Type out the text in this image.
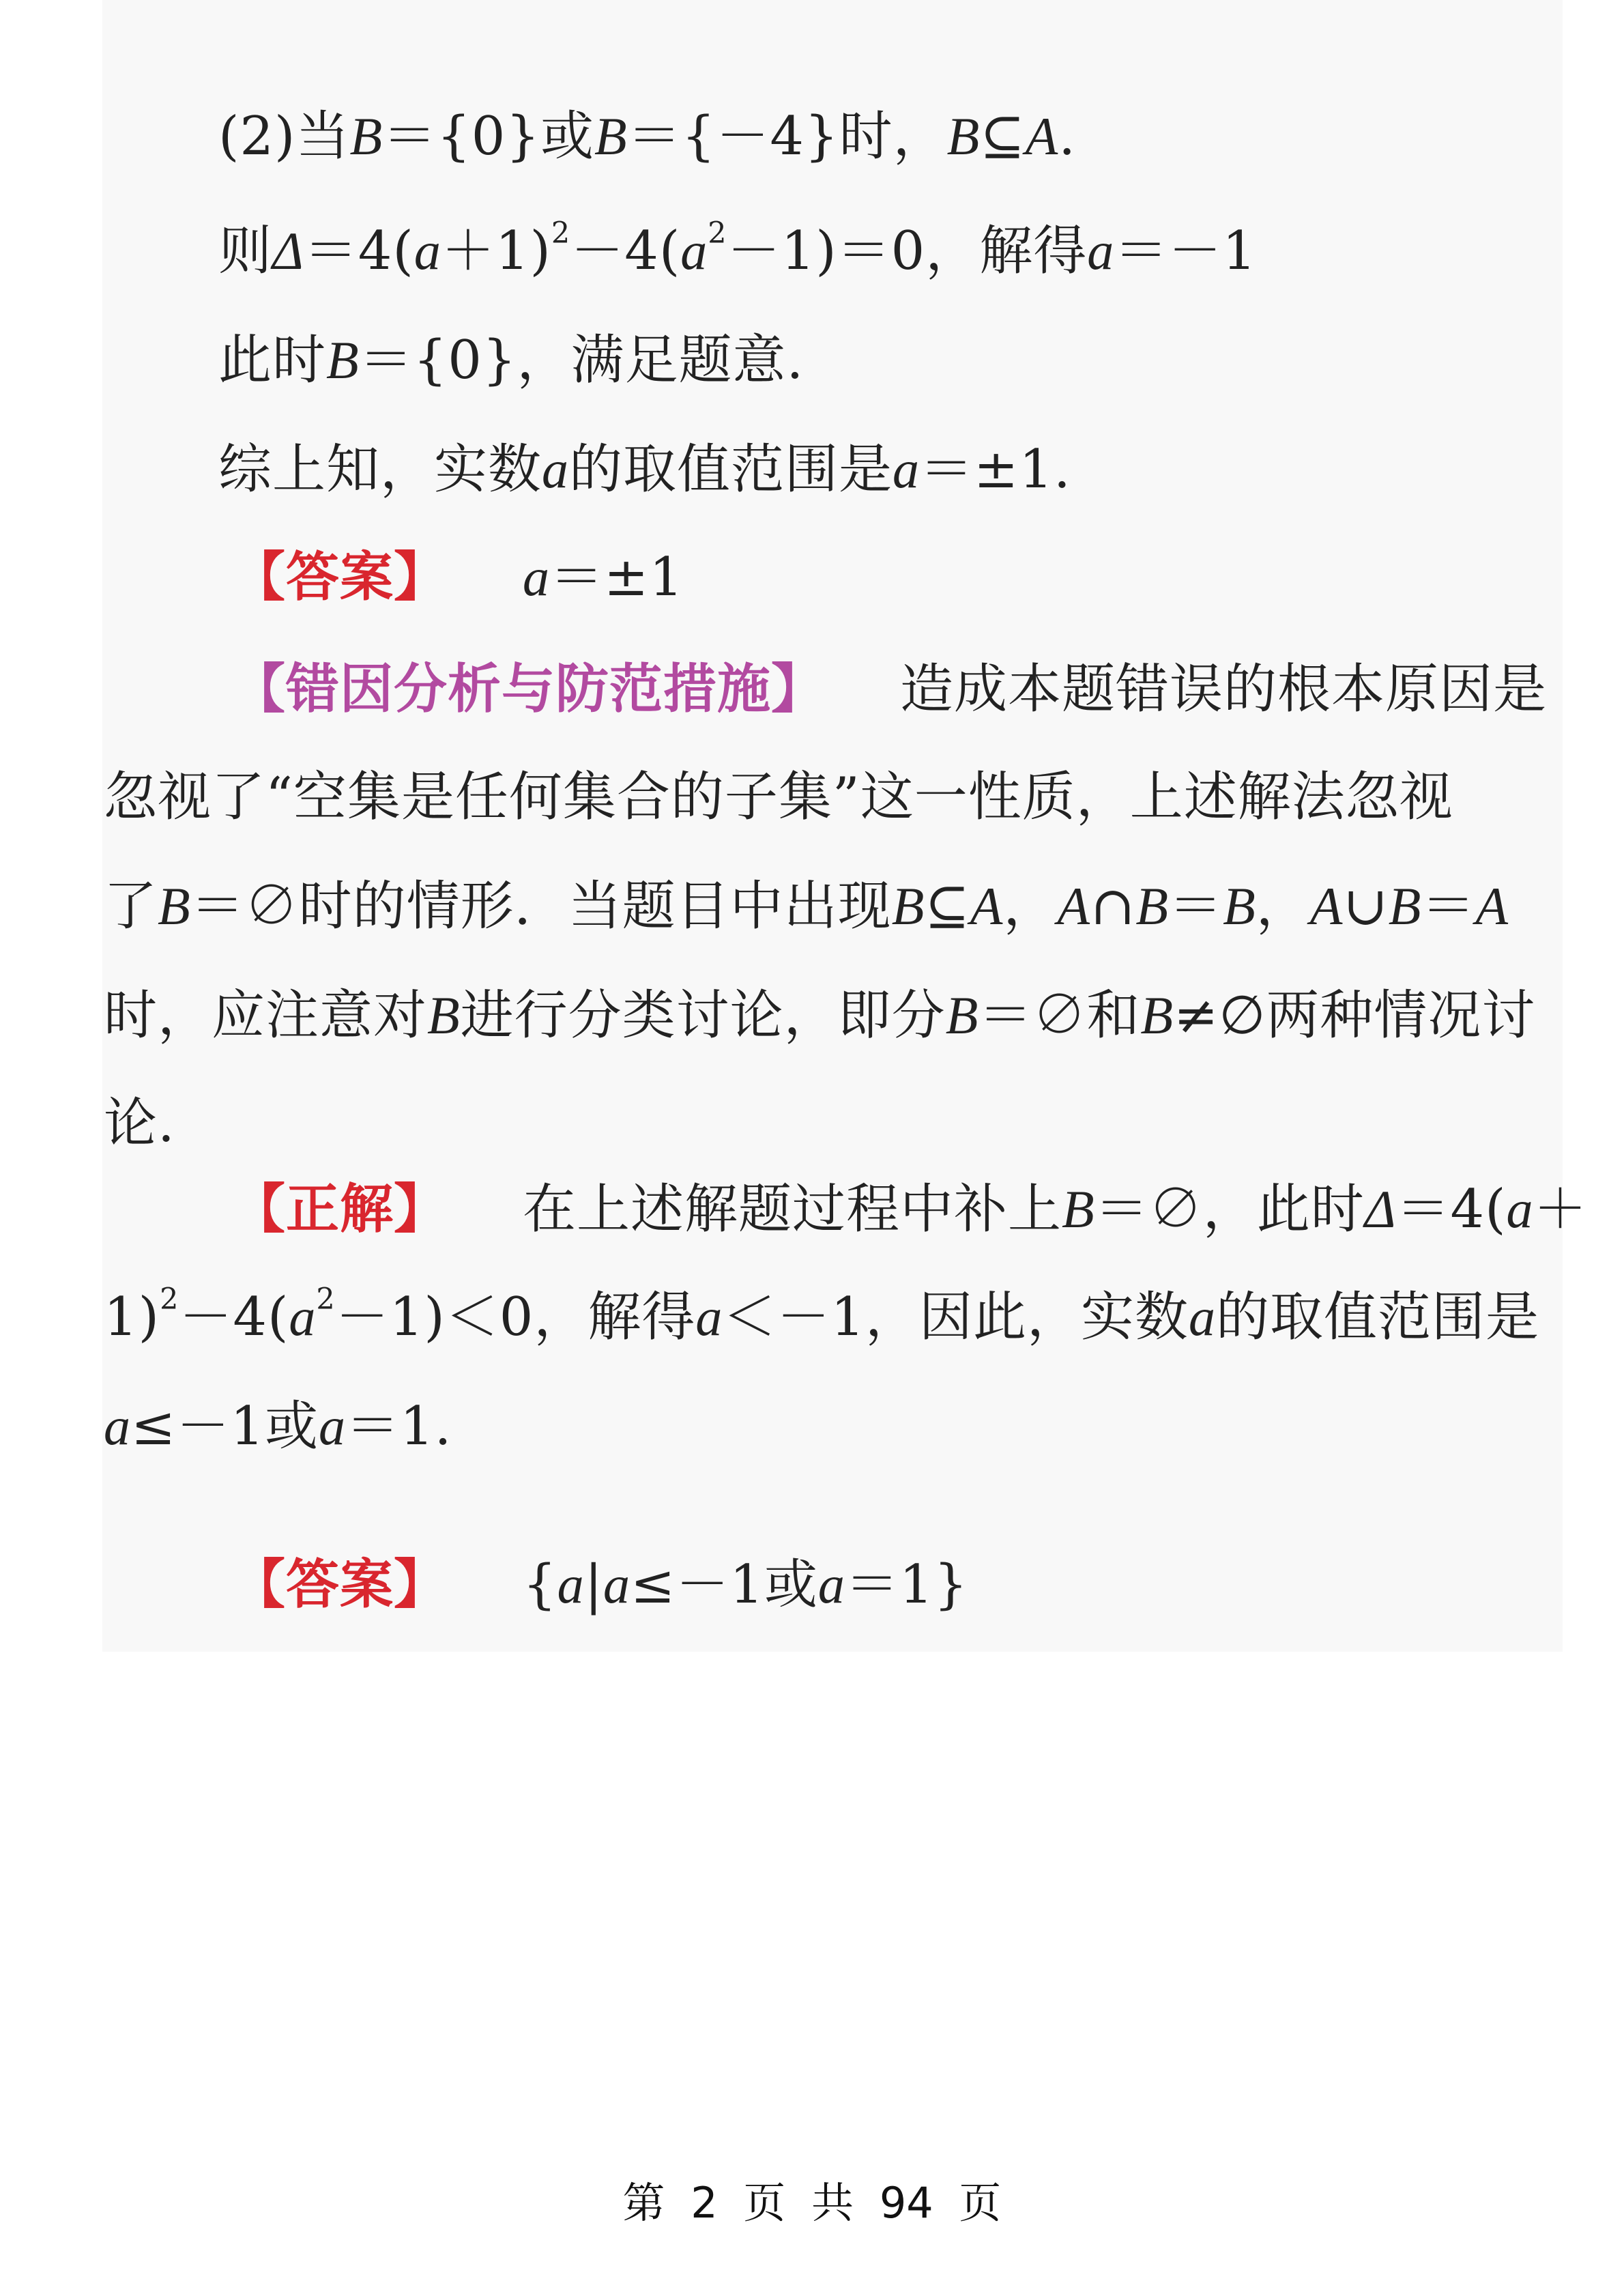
(2)当B＝{0}或B＝{－4}时，B⊆A.
则$\Delta=4(a+1)^2-4(a^2-1)=0$，解得a＝－1
此时B＝{0}，满足题意.
综上知，实数a的取值范围是a＝±1.
【答案】 a＝±1
【错因分析与防范措施】 造成本题错误的根本原因是
忽视了“空集是任何集合的子集”这一性质，上述解法忽视
了B＝∅时的情形．当题目中出现B⊆A，A∩B＝B，A∪B＝A
时，应注意对B进行分类讨论，即分B＝∅和B≠∅两种情况讨
论.
【正解】 在上述解题过程中补上B＝∅，此时Δ＝4(a＋
$1)^2-4(a^2-1)<0$，解得a＜－1，因此，实数a的取值范围是
a≤－1或a＝1.
【答案】 {a|a≤－1或a＝1}
第 2 页 共 94 页
